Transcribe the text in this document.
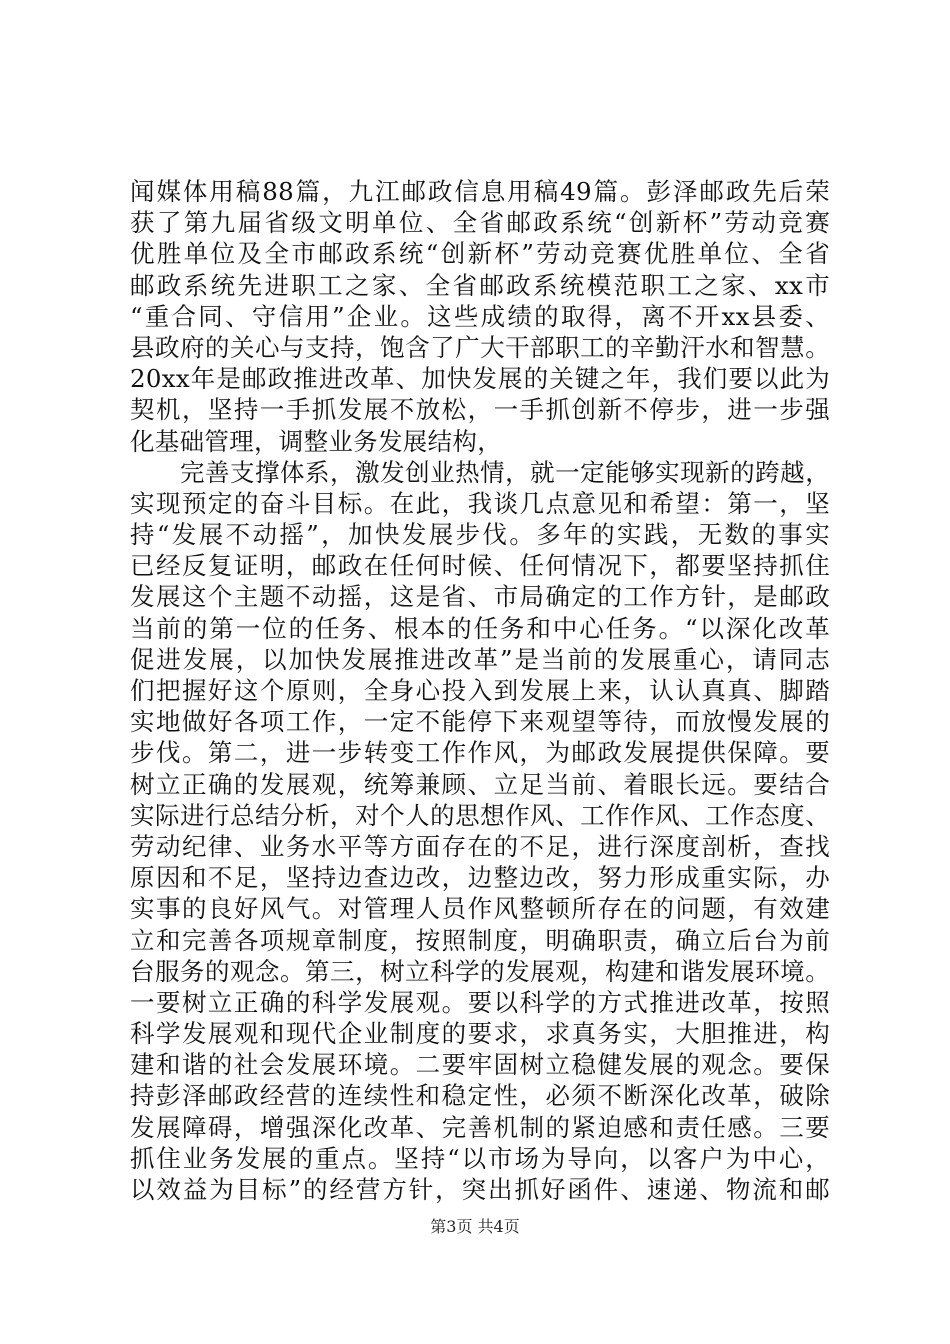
闻媒体用稿88篇，九江邮政信息用稿49篇。彭泽邮政先后荣
获了第九届省级文明单位、全省邮政系统“创新杯”劳动竞赛
优胜单位及全市邮政系统“创新杯”劳动竞赛优胜单位、全省
邮政系统先进职工之家、全省邮政系统模范职工之家、xx市
“重合同、守信用”企业。这些成绩的取得，离不开xx县委、
县政府的关心与支持，饱含了广大干部职工的辛勤汗水和智慧。
20xx年是邮政推进改革、加快发展的关键之年，我们要以此为
契机，坚持一手抓发展不放松，一手抓创新不停步，进一步强
化基础管理，调整业务发展结构，
　　完善支撑体系，激发创业热情，就一定能够实现新的跨越，
实现预定的奋斗目标。在此，我谈几点意见和希望：第一，坚
持“发展不动摇”，加快发展步伐。多年的实践，无数的事实
已经反复证明，邮政在任何时候、任何情况下，都要坚持抓住
发展这个主题不动摇，这是省、市局确定的工作方针，是邮政
当前的第一位的任务、根本的任务和中心任务。“以深化改革
促进发展，以加快发展推进改革”是当前的发展重心，请同志
们把握好这个原则，全身心投入到发展上来，认认真真、脚踏
实地做好各项工作，一定不能停下来观望等待，而放慢发展的
步伐。第二，进一步转变工作作风，为邮政发展提供保障。要
树立正确的发展观，统筹兼顾、立足当前、着眼长远。要结合
实际进行总结分析，对个人的思想作风、工作作风、工作态度、
劳动纪律、业务水平等方面存在的不足，进行深度剖析，查找
原因和不足，坚持边查边改，边整边改，努力形成重实际，办
实事的良好风气。对管理人员作风整顿所存在的问题，有效建
立和完善各项规章制度，按照制度，明确职责，确立后台为前
台服务的观念。第三，树立科学的发展观，构建和谐发展环境。
一要树立正确的科学发展观。要以科学的方式推进改革，按照
科学发展观和现代企业制度的要求，求真务实，大胆推进，构
建和谐的社会发展环境。二要牢固树立稳健发展的观念。要保
持彭泽邮政经营的连续性和稳定性，必须不断深化改革，破除
发展障碍，增强深化改革、完善机制的紧迫感和责任感。三要
抓住业务发展的重点。坚持“以市场为导向，以客户为中心，
以效益为目标”的经营方针，突出抓好函件、速递、物流和邮
第3页 共4页
